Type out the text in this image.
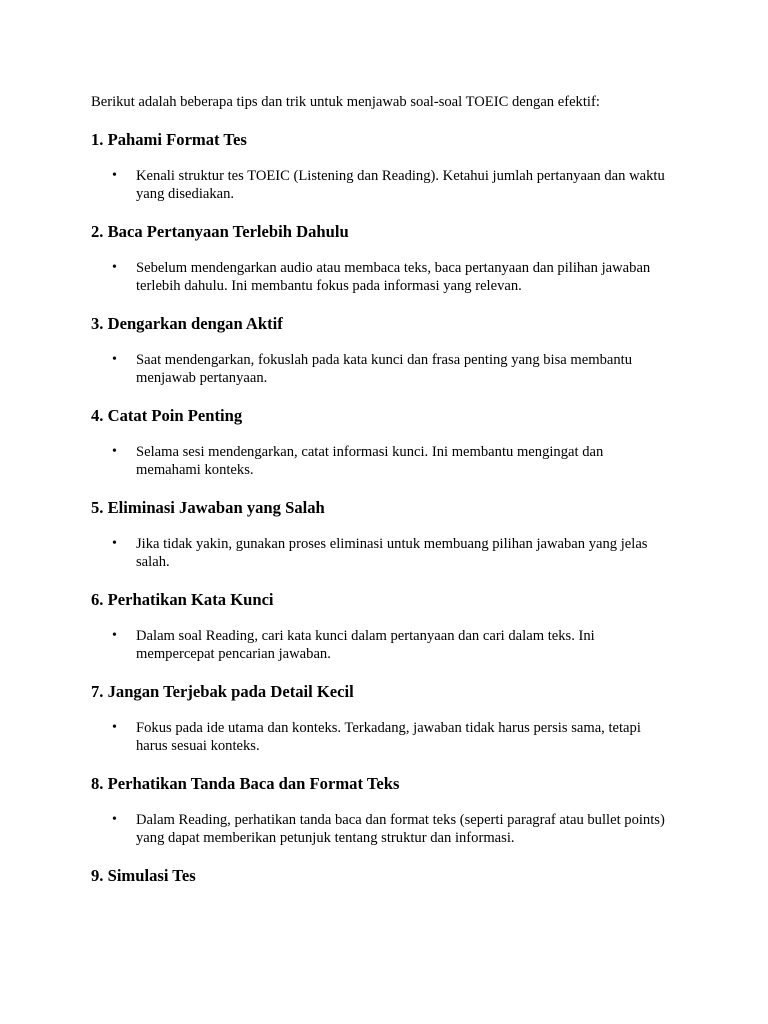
Berikut adalah beberapa tips dan trik untuk menjawab soal-soal TOEIC dengan efektif:

1. Pahami Format Tes
• Kenali struktur tes TOEIC (Listening dan Reading). Ketahui jumlah pertanyaan dan waktu yang disediakan.
2. Baca Pertanyaan Terlebih Dahulu
• Sebelum mendengarkan audio atau membaca teks, baca pertanyaan dan pilihan jawaban terlebih dahulu. Ini membantu fokus pada informasi yang relevan.
3. Dengarkan dengan Aktif
• Saat mendengarkan, fokuslah pada kata kunci dan frasa penting yang bisa membantu menjawab pertanyaan.
4. Catat Poin Penting
• Selama sesi mendengarkan, catat informasi kunci. Ini membantu mengingat dan memahami konteks.
5. Eliminasi Jawaban yang Salah
• Jika tidak yakin, gunakan proses eliminasi untuk membuang pilihan jawaban yang jelas salah.
6. Perhatikan Kata Kunci
• Dalam soal Reading, cari kata kunci dalam pertanyaan dan cari dalam teks. Ini mempercepat pencarian jawaban.
7. Jangan Terjebak pada Detail Kecil
• Fokus pada ide utama dan konteks. Terkadang, jawaban tidak harus persis sama, tetapi harus sesuai konteks.
8. Perhatikan Tanda Baca dan Format Teks
• Dalam Reading, perhatikan tanda baca dan format teks (seperti paragraf atau bullet points) yang dapat memberikan petunjuk tentang struktur dan informasi.
9. Simulasi Tes
